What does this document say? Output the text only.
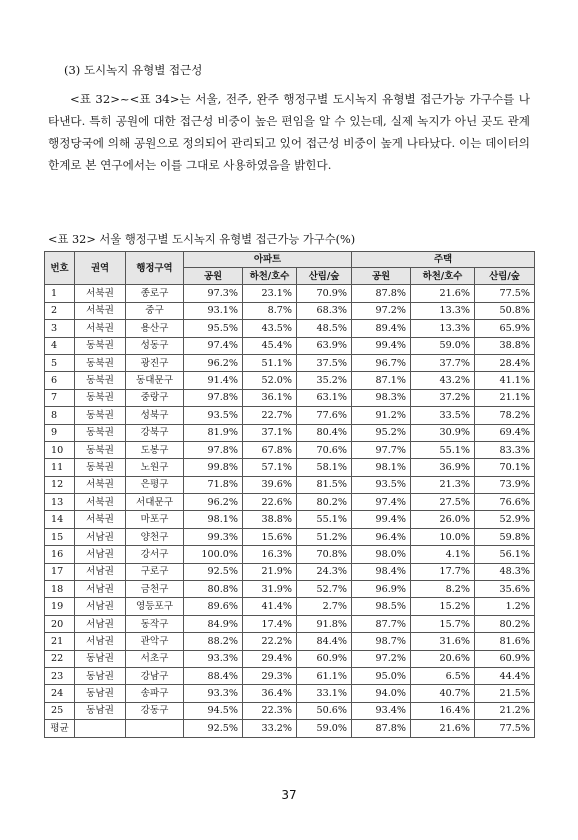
(3) 도시녹지 유형별 접근성

<표 32>~<표 34>는 서울, 전주, 완주 행정구별 도시녹지 유형별 접근가능 가구수를 나타낸다. 특히 공원에 대한 접근성 비중이 높은 편임을 알 수 있는데, 실제 녹지가 아닌 곳도 관계 행정당국에 의해 공원으로 정의되어 관리되고 있어 접근성 비중이 높게 나타났다. 이는 데이터의 한계로 본 연구에서는 이를 그대로 사용하였음을 밝힌다.

<표 32> 서울 행정구별 도시녹지 유형별 접근가능 가구수(%)
번호	권역	행정구역	아파트			주택		
			공원	하천/호수	산림/숲	공원	하천/호수	산림/숲
1	서북권	종로구	97.3%	23.1%	70.9%	87.8%	21.6%	77.5%
2	서북권	중구	93.1%	8.7%	68.3%	97.2%	13.3%	50.8%
3	서북권	용산구	95.5%	43.5%	48.5%	89.4%	13.3%	65.9%
4	동북권	성동구	97.4%	45.4%	63.9%	99.4%	59.0%	38.8%
5	동북권	광진구	96.2%	51.1%	37.5%	96.7%	37.7%	28.4%
6	동북권	동대문구	91.4%	52.0%	35.2%	87.1%	43.2%	41.1%
7	동북권	중랑구	97.8%	36.1%	63.1%	98.3%	37.2%	21.1%
8	동북권	성북구	93.5%	22.7%	77.6%	91.2%	33.5%	78.2%
9	동북권	강북구	81.9%	37.1%	80.4%	95.2%	30.9%	69.4%
10	동북권	도봉구	97.8%	67.8%	70.6%	97.7%	55.1%	83.3%
11	동북권	노원구	99.8%	57.1%	58.1%	98.1%	36.9%	70.1%
12	서북권	은평구	71.8%	39.6%	81.5%	93.5%	21.3%	73.9%
13	서북권	서대문구	96.2%	22.6%	80.2%	97.4%	27.5%	76.6%
14	서북권	마포구	98.1%	38.8%	55.1%	99.4%	26.0%	52.9%
15	서남권	양천구	99.3%	15.6%	51.2%	96.4%	10.0%	59.8%
16	서남권	강서구	100.0%	16.3%	70.8%	98.0%	4.1%	56.1%
17	서남권	구로구	92.5%	21.9%	24.3%	98.4%	17.7%	48.3%
18	서남권	금천구	80.8%	31.9%	52.7%	96.9%	8.2%	35.6%
19	서남권	영등포구	89.6%	41.4%	2.7%	98.5%	15.2%	1.2%
20	서남권	동작구	84.9%	17.4%	91.8%	87.7%	15.7%	80.2%
21	서남권	관악구	88.2%	22.2%	84.4%	98.7%	31.6%	81.6%
22	동남권	서초구	93.3%	29.4%	60.9%	97.2%	20.6%	60.9%
23	동남권	강남구	88.4%	29.3%	61.1%	95.0%	6.5%	44.4%
24	동남권	송파구	93.3%	36.4%	33.1%	94.0%	40.7%	21.5%
25	동남권	강동구	94.5%	22.3%	50.6%	93.4%	16.4%	21.2%
평균			92.5%	33.2%	59.0%	87.8%	21.6%	77.5%
37
